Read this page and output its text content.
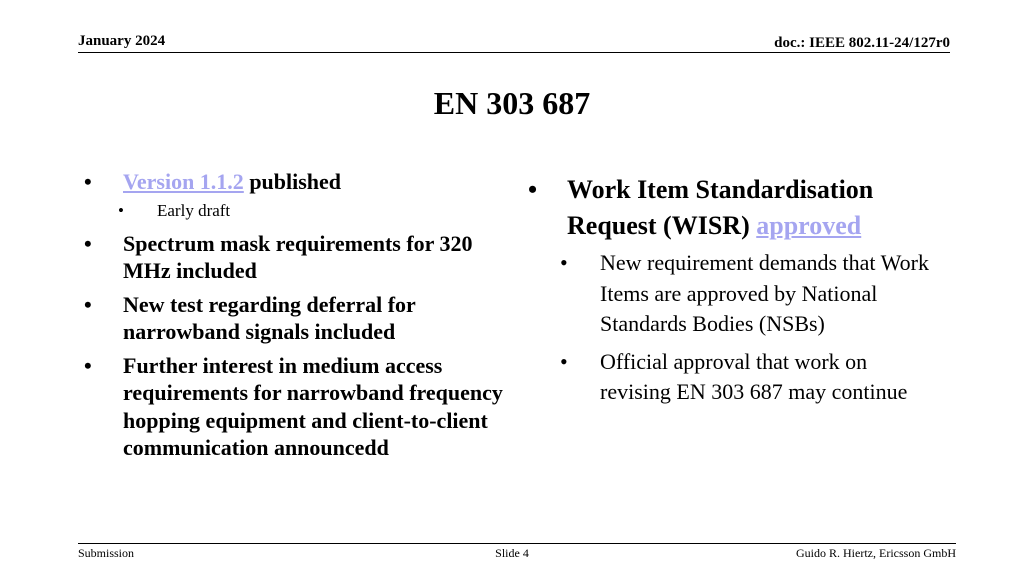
January 2024	doc.: IEEE 802.11-24/127r0
EN 303 687
• Version 1.1.2 published
• Early draft
• Spectrum mask requirements for 320 MHz included
• New test regarding deferral for narrowband signals included
• Further interest in medium access requirements for narrowband frequency hopping equipment and client-to-client communication announcedd
• Work Item Standardisation Request (WISR) approved
• New requirement demands that Work Items are approved by National Standards Bodies (NSBs)
• Official approval that work on revising EN 303 687 may continue
Submission	Slide 4	Guido R. Hiertz, Ericsson GmbH
